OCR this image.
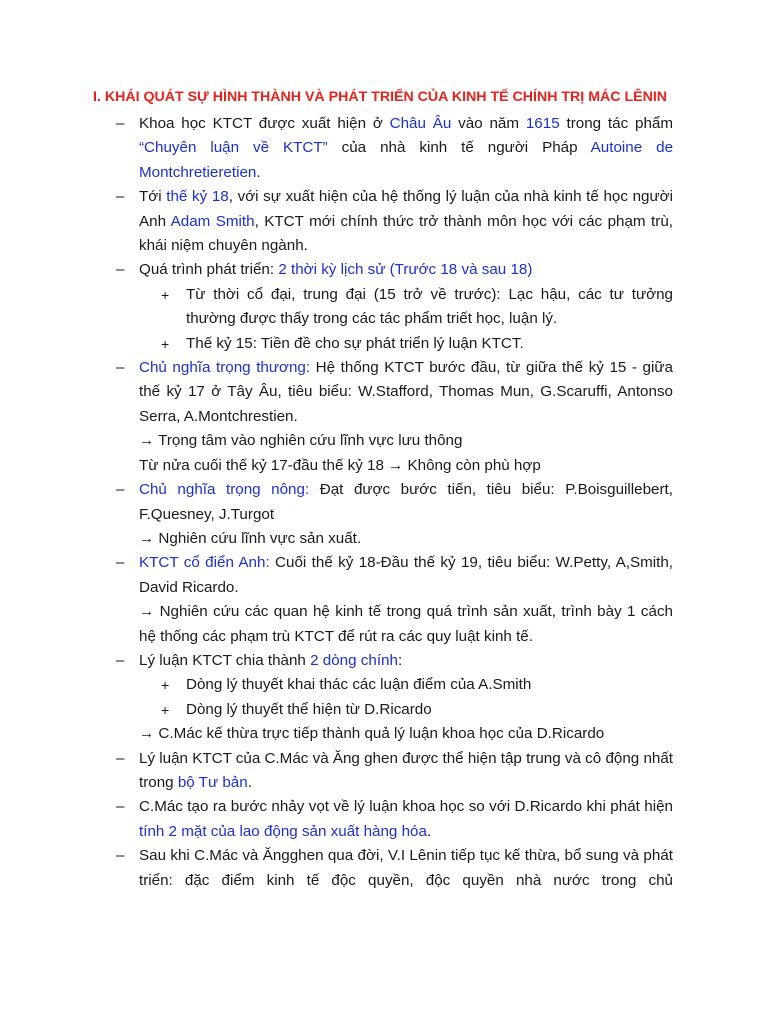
I. KHÁI QUÁT SỰ HÌNH THÀNH VÀ PHÁT TRIỂN CỦA KINH TẾ CHÍNH TRỊ MÁC LÊNIN
– Khoa học KTCT được xuất hiện ở Châu Âu vào năm 1615 trong tác phẩm “Chuyên luận về KTCT” của nhà kinh tế người Pháp Autoine de Montchretieretien.
– Tới thế kỷ 18, với sự xuất hiện của hệ thống lý luận của nhà kinh tế học người Anh Adam Smith, KTCT mới chính thức trở thành môn học với các phạm trù, khái niệm chuyên ngành.
– Quá trình phát triển: 2 thời kỳ lịch sử (Trước 18 và sau 18)
+ Từ thời cổ đại, trung đại (15 trở về trước): Lạc hậu, các tư tưởng thường được thấy trong các tác phẩm triết học, luận lý.
+ Thế kỷ 15: Tiền đề cho sự phát triển lý luận KTCT.
– Chủ nghĩa trọng thương: Hệ thống KTCT bước đầu, từ giữa thế kỷ 15 - giữa thế kỷ 17 ở Tây Âu, tiêu biểu: W.Stafford, Thomas Mun, G.Scaruffi, Antonso Serra, A.Montchrestien.
→ Trọng tâm vào nghiên cứu lĩnh vực lưu thông
Từ nửa cuối thế kỷ 17-đầu thế kỷ 18 → Không còn phù hợp
– Chủ nghĩa trọng nông: Đạt được bước tiến, tiêu biểu: P.Boisguillebert, F.Quesney, J.Turgot
→ Nghiên cứu lĩnh vực sản xuất.
– KTCT cổ điển Anh: Cuối thế kỷ 18-Đầu thế kỷ 19, tiêu biểu: W.Petty, A,Smith, David Ricardo.
→ Nghiên cứu các quan hệ kinh tế trong quá trình sản xuất, trình bày 1 cách hệ thống các phạm trù KTCT để rút ra các quy luật kinh tế.
– Lý luận KTCT chia thành 2 dòng chính:
+ Dòng lý thuyết khai thác các luận điểm của A.Smith
+ Dòng lý thuyết thể hiện từ D.Ricardo
→ C.Mác kế thừa trực tiếp thành quả lý luận khoa học của D.Ricardo
– Lý luận KTCT của C.Mác và Ăng ghen được thể hiện tập trung và cô động nhất trong bộ Tư bản.
– C.Mác tạo ra bước nhảy vọt về lý luận khoa học so với D.Ricardo khi phát hiện tính 2 mặt của lao động sản xuất hàng hóa.
– Sau khi C.Mác và Ăngghen qua đời, V.I Lênin tiếp tục kế thừa, bổ sung và phát triển: đặc điểm kinh tế độc quyền, độc quyền nhà nước trong chủ
